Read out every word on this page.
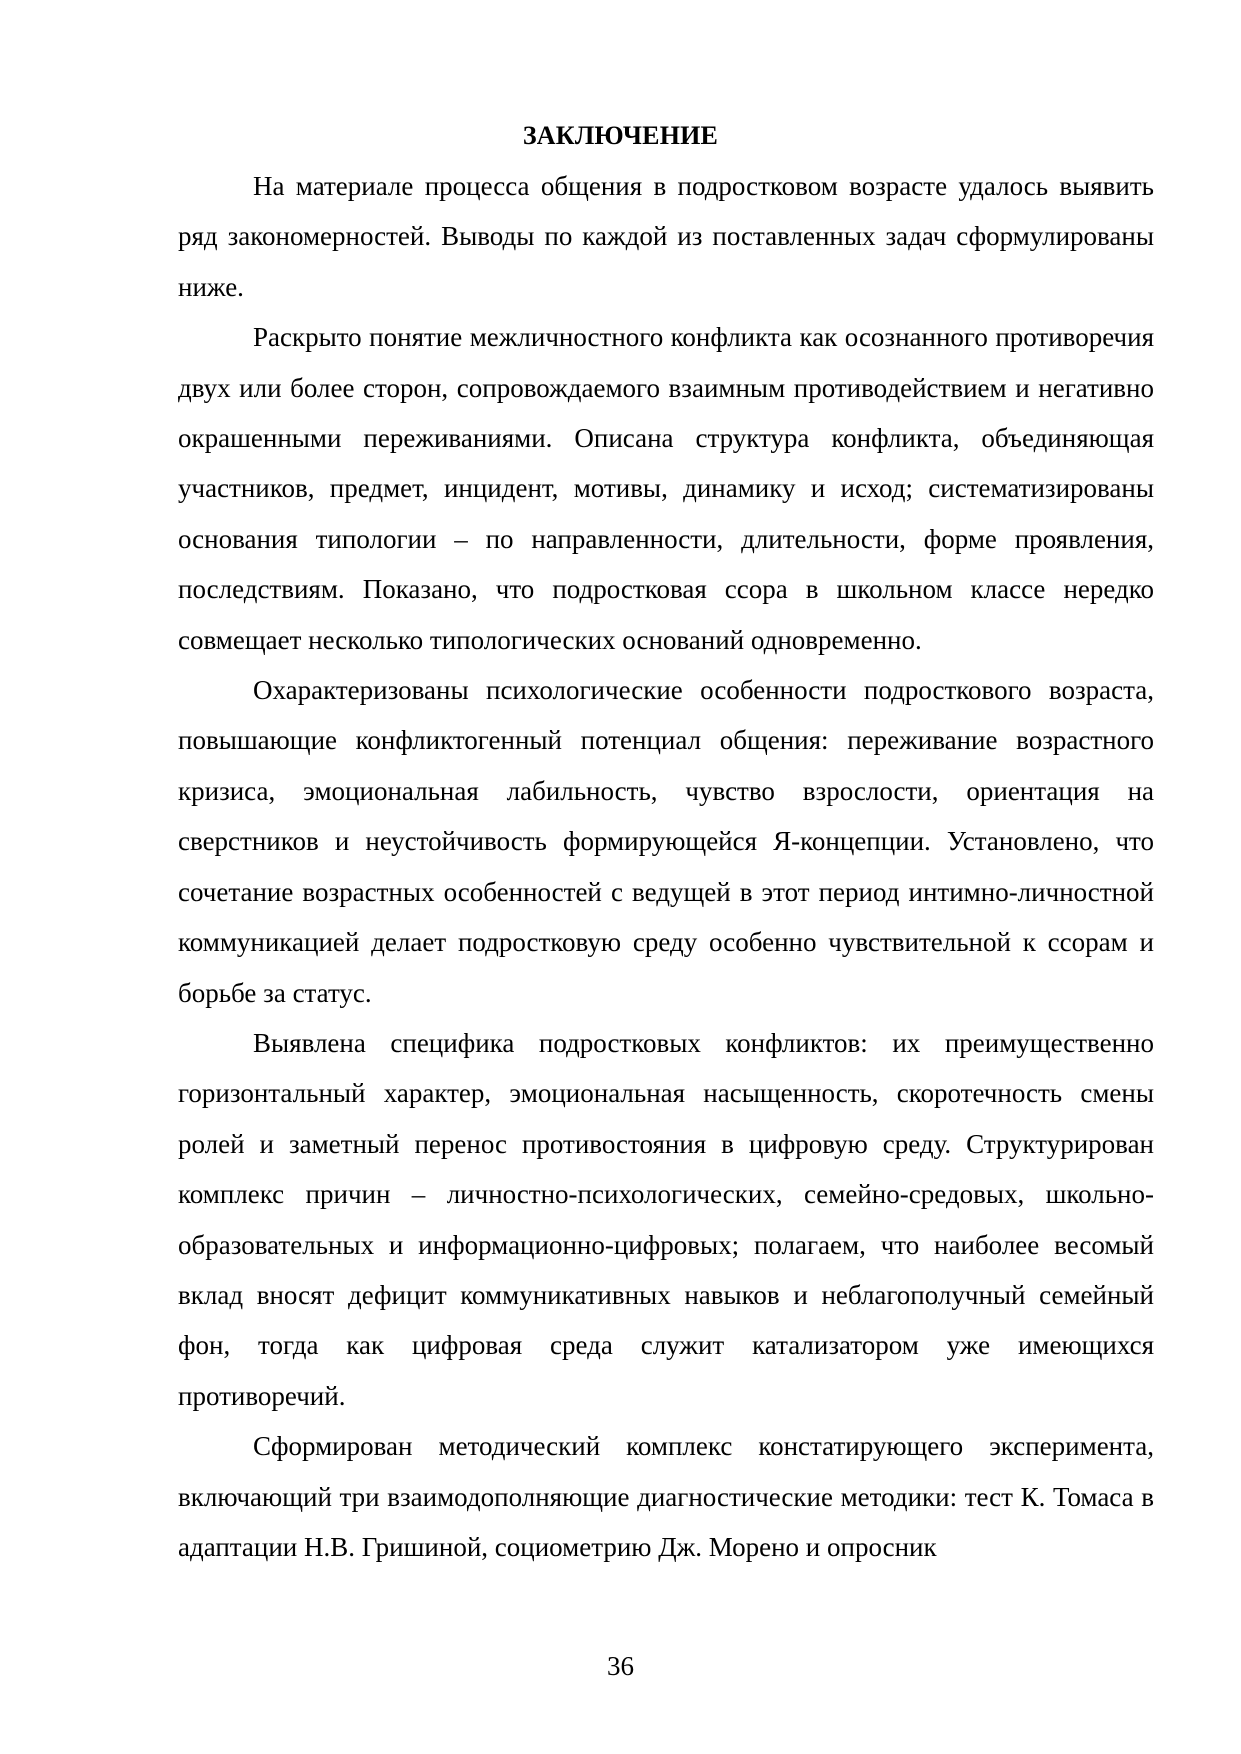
ЗАКЛЮЧЕНИЕ

На материале процесса общения в подростковом возрасте удалось выявить ряд закономерностей. Выводы по каждой из поставленных задач сформулированы ниже.

Раскрыто понятие межличностного конфликта как осознанного противоречия двух или более сторон, сопровождаемого взаимным противодействием и негативно окрашенными переживаниями. Описана структура конфликта, объединяющая участников, предмет, инцидент, мотивы, динамику и исход; систематизированы основания типологии – по направленности, длительности, форме проявления, последствиям. Показано, что подростковая ссора в школьном классе нередко совмещает несколько типологических оснований одновременно.

Охарактеризованы психологические особенности подросткового возраста, повышающие конфликтогенный потенциал общения: переживание возрастного кризиса, эмоциональная лабильность, чувство взрослости, ориентация на сверстников и неустойчивость формирующейся Я-концепции. Установлено, что сочетание возрастных особенностей с ведущей в этот период интимно-личностной коммуникацией делает подростковую среду особенно чувствительной к ссорам и борьбе за статус.

Выявлена специфика подростковых конфликтов: их преимущественно горизонтальный характер, эмоциональная насыщенность, скоротечность смены ролей и заметный перенос противостояния в цифровую среду. Структурирован комплекс причин – личностно-психологических, семейно-средовых, школьно-образовательных и информационно-цифровых; полагаем, что наиболее весомый вклад вносят дефицит коммуникативных навыков и неблагополучный семейный фон, тогда как цифровая среда служит катализатором уже имеющихся противоречий.

Сформирован методический комплекс констатирующего эксперимента, включающий три взаимодополняющие диагностические методики: тест К. Томаса в адаптации Н.В. Гришиной, социометрию Дж. Морено и опросник

36
